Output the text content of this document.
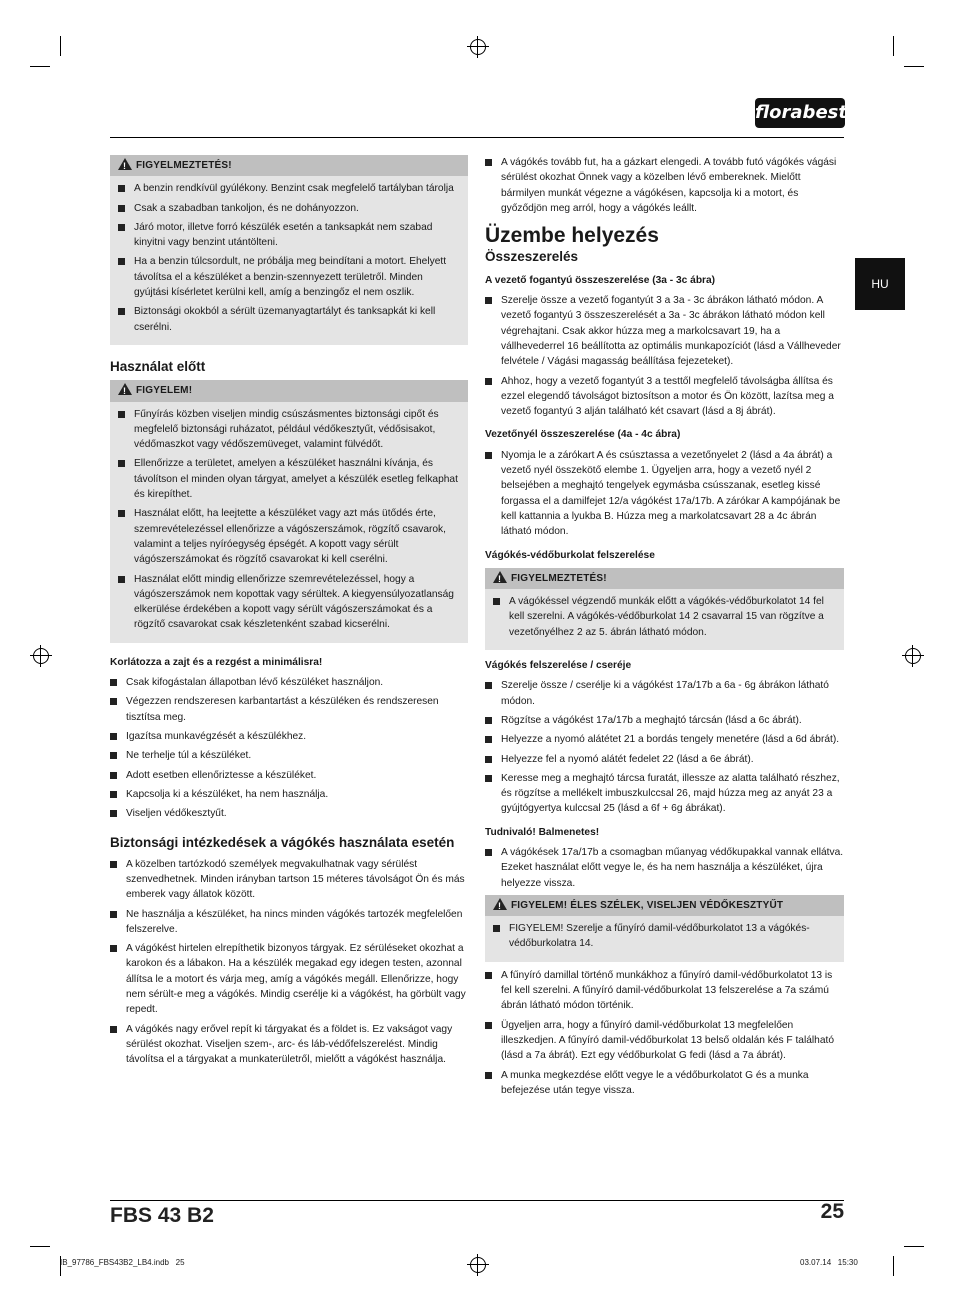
florabest
HU
!FIGYELMEZTETÉS!
A benzin rendkívül gyúlékony. Benzint csak megfelelő tartályban tárolja
Csak a szabadban tankoljon, és ne dohányozzon.
Járó motor, illetve forró készülék esetén a tanksapkát nem szabad kinyitni vagy benzint utántölteni.
Ha a benzin túlcsordult, ne próbálja meg beindítani a motort. Ehelyett távolítsa el a készüléket a benzin-szennyezett területről. Minden gyújtási kísérletet kerülni kell, amíg a benzingőz el nem oszlik.
Biztonsági okokból a sérült üzemanyagtartályt és tanksapkát ki kell cserélni.
Használat előtt
!FIGYELEM!
Fűnyírás közben viseljen mindig csúszásmentes biztonsági cipőt és megfelelő biztonsági ruházatot, például védőkesztyűt, védősisakot, védőmaszkot vagy védőszemüveget, valamint fülvédőt.
Ellenőrizze a területet, amelyen a készüléket használni kívánja, és távolítson el minden olyan tárgyat, amelyet a készülék esetleg felkaphat és kirepíthet.
Használat előtt, ha leejtette a készüléket vagy azt más ütődés érte, szemrevételezéssel ellenőrizze a vágószerszámok, rögzítő csavarok, valamint a teljes nyíróegység épségét. A kopott vagy sérült vágószerszámokat és rögzítő csavarokat ki kell cserélni.
Használat előtt mindig ellenőrizze szemrevételezéssel, hogy a vágószerszámok nem kopottak vagy sérültek. A kiegyensúlyozatlanság elkerülése érdekében a kopott vagy sérült vágószerszámokat és a rögzítő csavarokat csak készletenként szabad kicserélni.
Korlátozza a zajt és a rezgést a minimálisra!
Csak kifogástalan állapotban lévő készüléket használjon.
Végezzen rendszeresen karbantartást a készüléken és rendszeresen tisztítsa meg.
Igazítsa munkavégzését a készülékhez.
Ne terhelje túl a készüléket.
Adott esetben ellenőriztesse a készüléket.
Kapcsolja ki a készüléket, ha nem használja.
Viseljen védőkesztyűt.
Biztonsági intézkedések a vágókés használata esetén
A közelben tartózkodó személyek megvakulhatnak vagy sérülést szenvedhetnek. Minden irányban tartson 15 méteres távolságot Ön és más emberek vagy állatok között.
Ne használja a készüléket, ha nincs minden vágókés tartozék megfelelően felszerelve.
A vágókést hirtelen elrepíthetik bizonyos tárgyak. Ez sérüléseket okozhat a karokon és a lábakon. Ha a készülék megakad egy idegen testen, azonnal állítsa le a motort és várja meg, amíg a vágókés megáll. Ellenőrizze, hogy nem sérült-e meg a vágókés. Mindig cserélje ki a vágókést, ha görbült vagy repedt.
A vágókés nagy erővel repít ki tárgyakat és a földet is. Ez vakságot vagy sérülést okozhat. Viseljen szem-, arc- és láb-védőfelszerelést. Mindig távolítsa el a tárgyakat a munkaterületről, mielőtt a vágókést használja.
A vágókés tovább fut, ha a gázkart elengedi. A tovább futó vágókés vágási sérülést okozhat Önnek vagy a közelben lévő embereknek. Mielőtt bármilyen munkát végezne a vágókésen, kapcsolja ki a motort, és győződjön meg arról, hogy a vágókés leállt.
Üzembe helyezés
Összeszerelés
A vezető fogantyú összeszerelése (3a - 3c ábra)
Szerelje össze a vezető fogantyút 3 a 3a - 3c ábrákon látható módon. A vezető fogantyú 3 összeszerelését a 3a - 3c ábrákon látható módon kell végrehajtani. Csak akkor húzza meg a markolcsavart 19, ha a vállhevederrel 16 beállította az optimális munkapozíciót (lásd a Vállheveder felvétele / Vágási magasság beállítása fejezeteket).
Ahhoz, hogy a vezető fogantyút 3 a testtől megfelelő távolságba állítsa és ezzel elegendő távolságot biztosítson a motor és Ön között, lazítsa meg a vezető fogantyú 3 alján található két csavart (lásd a 8j ábrát).
Vezetőnyél összeszerelése (4a - 4c ábra)
Nyomja le a zárókart A és csúsztassa a vezetőnyelet 2 (lásd a 4a ábrát) a vezető nyél összekötő elembe 1. Ügyeljen arra, hogy a vezető nyél 2 belsejében a meghajtó tengelyek egymásba csússzanak, esetleg kissé forgassa el a damilfejet 12/a vágókést 17a/17b. A zárókar A kampójának be kell kattannia a lyukba B. Húzza meg a markolatcsavart 28 a 4c ábrán látható módon.
Vágókés-védőburkolat felszerelése
!FIGYELMEZTETÉS!
A vágókéssel végzendő munkák előtt a vágókés-védőburkolatot 14 fel kell szerelni. A vágókés-védőburkolat 14 2 csavarral 15 van rögzítve a vezetőnyélhez 2 az 5. ábrán látható módon.
Vágókés felszerelése / cseréje
Szerelje össze / cserélje ki a vágókést 17a/17b a 6a - 6g ábrákon látható módon.
Rögzítse a vágókést 17a/17b a meghajtó tárcsán (lásd a 6c ábrát).
Helyezze a nyomó alátétet 21 a bordás tengely menetére (lásd a 6d ábrát).
Helyezze fel a nyomó alátét fedelet 22 (lásd a 6e ábrát).
Keresse meg a meghajtó tárcsa furatát, illessze az alatta található részhez, és rögzítse a mellékelt imbuszkulccsal 26, majd húzza meg az anyát 23 a gyújtógyertya kulccsal 25 (lásd a 6f + 6g ábrákat).
Tudnivaló! Balmenetes!
A vágókések 17a/17b a csomagban műanyag védőkupakkal vannak ellátva. Ezeket használat előtt vegye le, és ha nem használja a készüléket, újra helyezze vissza.
!FIGYELEM! ÉLES SZÉLEK, VISELJEN VÉDŐKESZTYŰT
FIGYELEM! Szerelje a fűnyíró damil-védőburkolatot 13 a vágókés-védőburkolatra 14.
A fűnyíró damillal történő munkákhoz a fűnyíró damil-védőburkolatot 13 is fel kell szerelni. A fűnyíró damil-védőburkolat 13 felszerelése a 7a számú ábrán látható módon történik.
Ügyeljen arra, hogy a fűnyíró damil-védőburkolat 13 megfelelően illeszkedjen. A fűnyíró damil-védőburkolat 13 belső oldalán kés F található (lásd a 7a ábrát). Ezt egy védőburkolat G fedi (lásd a 7a ábrát).
A munka megkezdése előtt vegye le a védőburkolatot G és a munka befejezése után tegye vissza.
FBS 43 B2	25
IB_97786_FBS43B2_LB4.indb   25	03.07.14   15:30
